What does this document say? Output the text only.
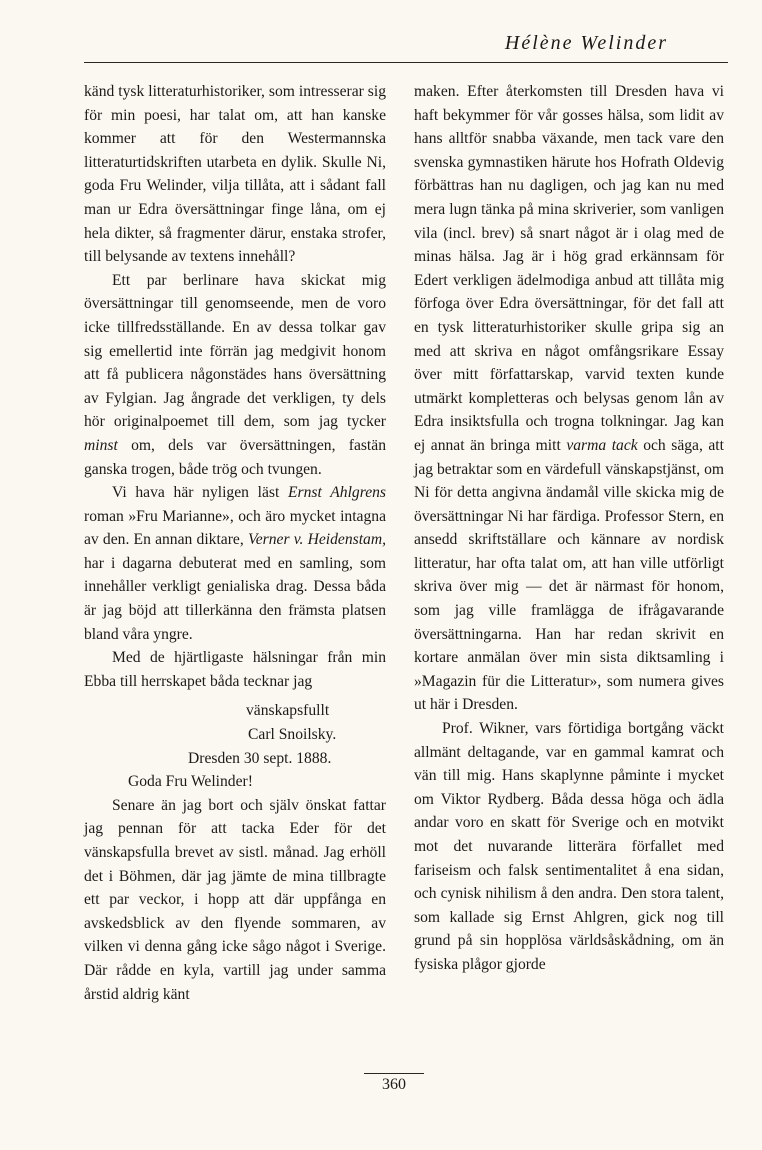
Hélène Welinder

känd tysk litteraturhistoriker, som intresserar sig för min poesi, har talat om, att han kanske kommer att för den Westermannska litteraturtidskriften utarbeta en dylik. Skulle Ni, goda Fru Welinder, vilja tillåta, att i sådant fall man ur Edra översättningar finge låna, om ej hela dikter, så fragmenter därur, enstaka strofer, till belysande av textens innehåll?

Ett par berlinare hava skickat mig översättningar till genomseende, men de voro icke tillfredsställande. En av dessa tolkar gav sig emellertid inte förrän jag medgivit honom att få publicera någonstädes hans översättning av Fylgian. Jag ångrade det verkligen, ty dels hör originalpoemet till dem, som jag tycker minst om, dels var översättningen, fastän ganska trogen, både trög och tvungen.

Vi hava här nyligen läst Ernst Ahlgrens roman »Fru Marianne», och äro mycket intagna av den. En annan diktare, Verner v. Heidenstam, har i dagarna debuterat med en samling, som innehåller verkligt genialiska drag. Dessa båda är jag böjd att tillerkänna den främsta platsen bland våra yngre.

Med de hjärtligaste hälsningar från min Ebba till herrskapet båda tecknar jag

vänskapsfullt

Carl Snoilsky.

Dresden 30 sept. 1888.

Goda Fru Welinder!

Senare än jag bort och själv önskat fattar jag pennan för att tacka Eder för det vänskapsfulla brevet av sistl. månad. Jag erhöll det i Böhmen, där jag jämte de mina tillbragte ett par veckor, i hopp att där uppfånga en avskedsblick av den flyende sommaren, av vilken vi denna gång icke sågo något i Sverige. Där rådde en kyla, vartill jag under samma årstid aldrig känt

maken. Efter återkomsten till Dresden hava vi haft bekymmer för vår gosses hälsa, som lidit av hans alltför snabba växande, men tack vare den svenska gymnastiken härute hos Hofrath Oldevig förbättras han nu dagligen, och jag kan nu med mera lugn tänka på mina skriverier, som vanligen vila (incl. brev) så snart något är i olag med de minas hälsa. Jag är i hög grad erkännsam för Edert verkligen ädelmodiga anbud att tillåta mig förfoga över Edra översättningar, för det fall att en tysk litteraturhistoriker skulle gripa sig an med att skriva en något omfångsrikare Essay över mitt författarskap, varvid texten kunde utmärkt kompletteras och belysas genom lån av Edra insiktsfulla och trogna tolkningar. Jag kan ej annat än bringa mitt varma tack och säga, att jag betraktar som en värdefull vänskapstjänst, om Ni för detta angivna ändamål ville skicka mig de översättningar Ni har färdiga. Professor Stern, en ansedd skriftställare och kännare av nordisk litteratur, har ofta talat om, att han ville utförligt skriva över mig — det är närmast för honom, som jag ville framlägga de ifrågavarande översättningarna. Han har redan skrivit en kortare anmälan över min sista diktsamling i »Magazin für die Litteratur», som numera gives ut här i Dresden.

Prof. Wikner, vars förtidiga bortgång väckt allmänt deltagande, var en gammal kamrat och vän till mig. Hans skaplynne påminte i mycket om Viktor Rydberg. Båda dessa höga och ädla andar voro en skatt för Sverige och en motvikt mot det nuvarande litterära förfallet med fariseism och falsk sentimentalitet å ena sidan, och cynisk nihilism å den andra. Den stora talent, som kallade sig Ernst Ahlgren, gick nog till grund på sin hopplösa världsåskådning, om än fysiska plågor gjorde

360
